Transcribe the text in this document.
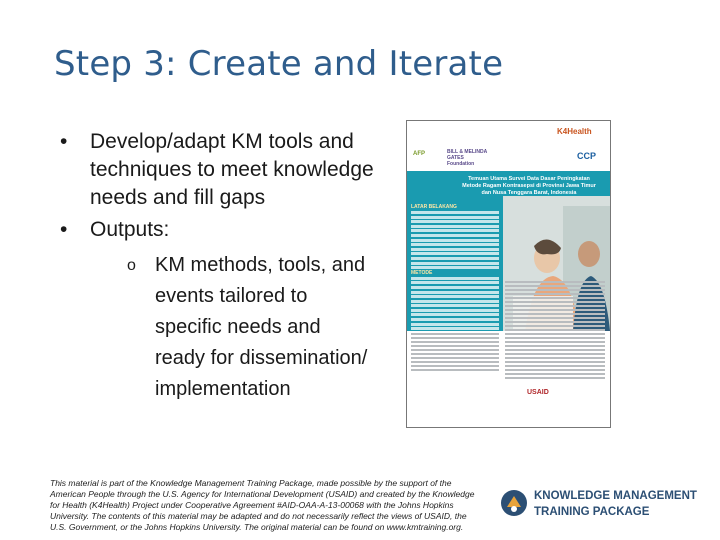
Step 3: Create and Iterate
• Develop/adapt KM tools and techniques to meet knowledge needs and fill gaps
• Outputs:
o KM methods, tools, and events tailored to specific needs and ready for dissemination/ implementation
AFP	BILL & MELINDA GATES Foundation
K4Health
CCP
Temuan Utama Survei Data Dasar Peningkatan Metode Ragam Kontrasepsi di Provinsi Jawa Timur dan Nusa Tenggara Barat, Indonesia
LATAR BELAKANG
METODE
USAID
This material is part of the Knowledge Management Training Package, made possible by the support of the American People through the U.S. Agency for International Development (USAID) and created by the Knowledge for Health (K4Health) Project under Cooperative Agreement #AID-OAA-A-13-00068 with the Johns Hopkins University. The contents of this material may be adapted and do not necessarily reflect the views of USAID, the U.S. Government, or the Johns Hopkins University. The original material can be found on www.kmtraining.org.
KNOWLEDGE MANAGEMENT
TRAINING PACKAGE
